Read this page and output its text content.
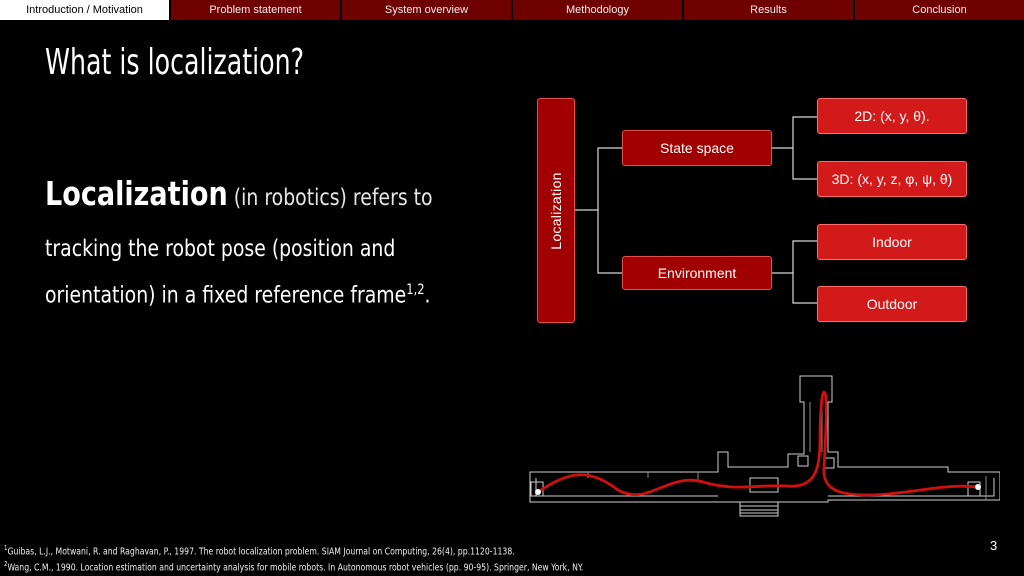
Introduction / Motivation	Problem statement	System overview	Methodology	Results	Conclusion
What is localization?
Localization (in robotics) refers to
tracking the robot pose (position and
orientation) in a fixed reference frame$^{1,2}$.
Localization
State space
Environment
2D: (x, y, θ).
3D: (x, y, z, φ, ψ, θ)
Indoor
Outdoor
$^1$Guibas, L.J., Motwani, R. and Raghavan, P., 1997. The robot localization problem. SIAM Journal on Computing, 26(4), pp.1120-1138.
$^2$Wang, C.M., 1990. Location estimation and uncertainty analysis for mobile robots. In Autonomous robot vehicles (pp. 90-95). Springer, New York, NY.
3
